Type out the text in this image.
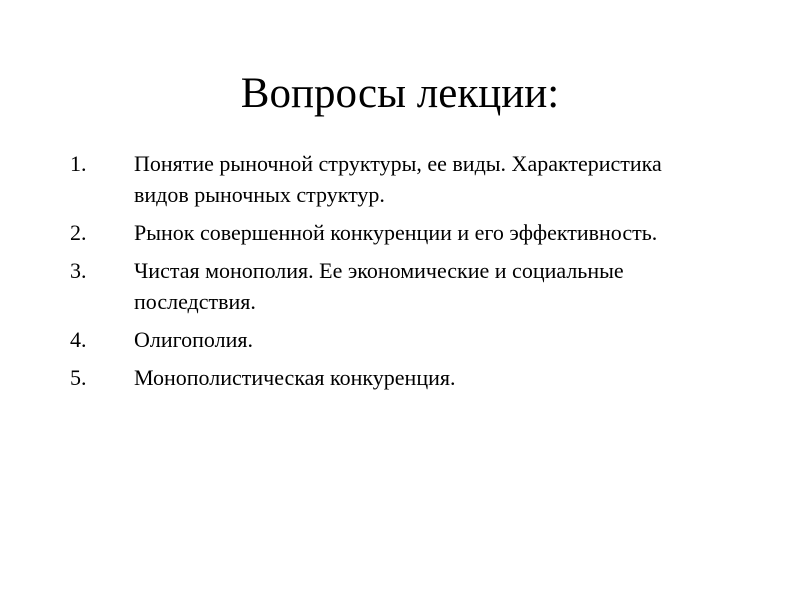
Вопросы лекции:
1.	Понятие рыночной структуры, ее виды. Характеристика видов рыночных структур.
2.	Рынок совершенной конкуренции и его эффективность.
3.	Чистая монополия. Ее экономические и социальные последствия.
4.	Олигополия.
5.	Монополистическая конкуренция.
